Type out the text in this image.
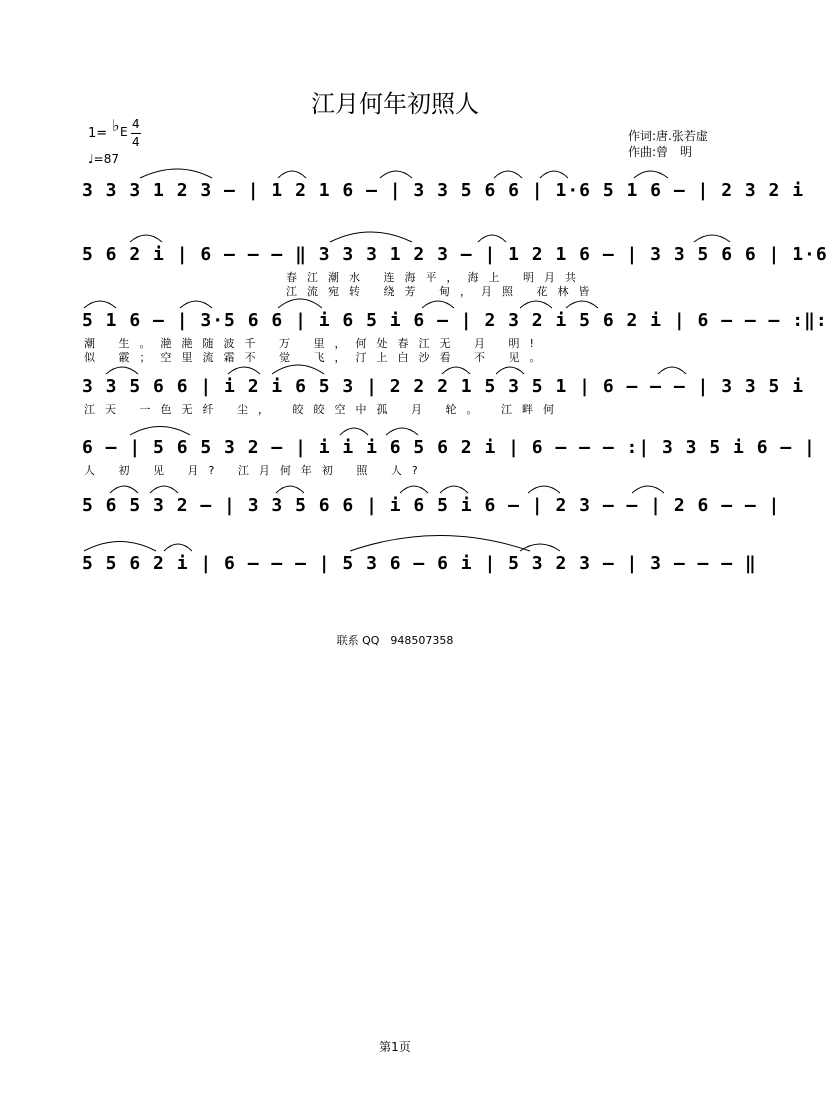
江月何年初照人
1= ♭ E
4
4
♩=87
作词:唐.张若虚
作曲:曾　明
3 3 3 1 2 3 – | 1 2 1 6 – | 3 3 5 6 6 | 1·6 5 1 6 – | 2 3 2 i
5 6 2 i | 6 – – – ‖ 3 3 3 1 2 3 – | 1 2 1 6 – | 3 3 5 6 6 | 1·6
春江潮水 连海平，海上 明月共
江流宛转 绕芳 甸，月照 花林皆
5 1 6 – | 3·5 6 6 | i 6 5 i 6 – | 2 3 2 i 5 6 2 i | 6 – – – :‖:
潮 生。滟滟随波千 万 里，何处春江无 月 明!
似 霰；空里流霜不 觉 飞，汀上白沙看 不 见。
3 3 5 6 6 | i 2 i 6 5 3 | 2 2 2 1 5 3 5 1 | 6 – – – | 3 3 5 i
江天 一色无纤 尘， 皎皎空中孤 月 轮。 江畔何
6 – | 5 6 5 3 2 – | i i i 6 5 6 2 i | 6 – – – :| 3 3 5 i 6 – |
人 初 见 月? 江月何年初 照 人?
5 6 5 3 2 – | 3 3 5 6 6 | i 6 5 i 6 – | 2 3 – – | 2 6 – – |
5 5 6 2 i | 6 – – – | 5 3 6 – 6 i | 5 3 2 3 – | 3 – – – ‖
联系 QQ　948507358
第1页
